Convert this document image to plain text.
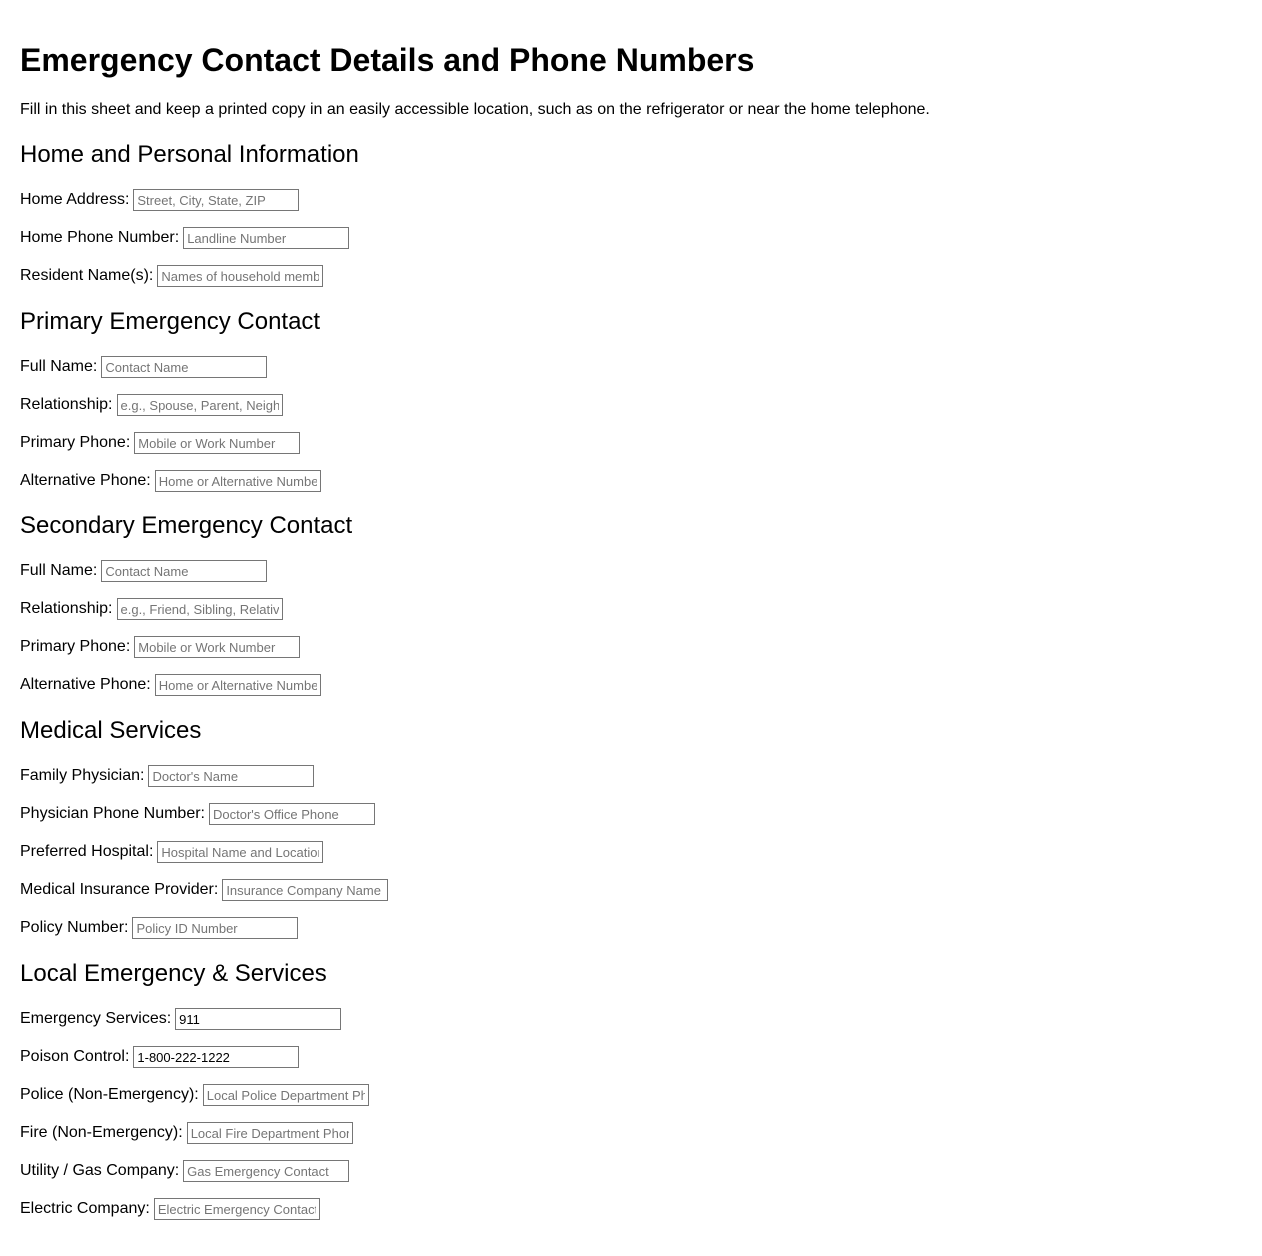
Emergency Contact Details and Phone Numbers

Fill in this sheet and keep a printed copy in an easily accessible location, such as on the refrigerator or near the home telephone.

Home and Personal Information
Home Address:
Street, City, State, ZIP
Home Phone Number:
Landline Number
Resident Name(s):
Names of household members
Primary Emergency Contact
Full Name:
Contact Name
Relationship:
e.g., Spouse, Parent, Neighbor
Primary Phone:
Mobile or Work Number
Alternative Phone:
Home or Alternative Number
Secondary Emergency Contact
Full Name:
Contact Name
Relationship:
e.g., Friend, Sibling, Relative
Primary Phone:
Mobile or Work Number
Alternative Phone:
Home or Alternative Number
Medical Services
Family Physician:
Doctor's Name
Physician Phone Number:
Doctor's Office Phone
Preferred Hospital:
Hospital Name and Location
Medical Insurance Provider:
Insurance Company Name
Policy Number:
Policy ID Number
Local Emergency & Services
Emergency Services:
911
Poison Control:
1-800-222-1222
Police (Non-Emergency):
Local Police Department Phone
Fire (Non-Emergency):
Local Fire Department Phone
Utility / Gas Company:
Gas Emergency Contact
Electric Company:
Electric Emergency Contact
